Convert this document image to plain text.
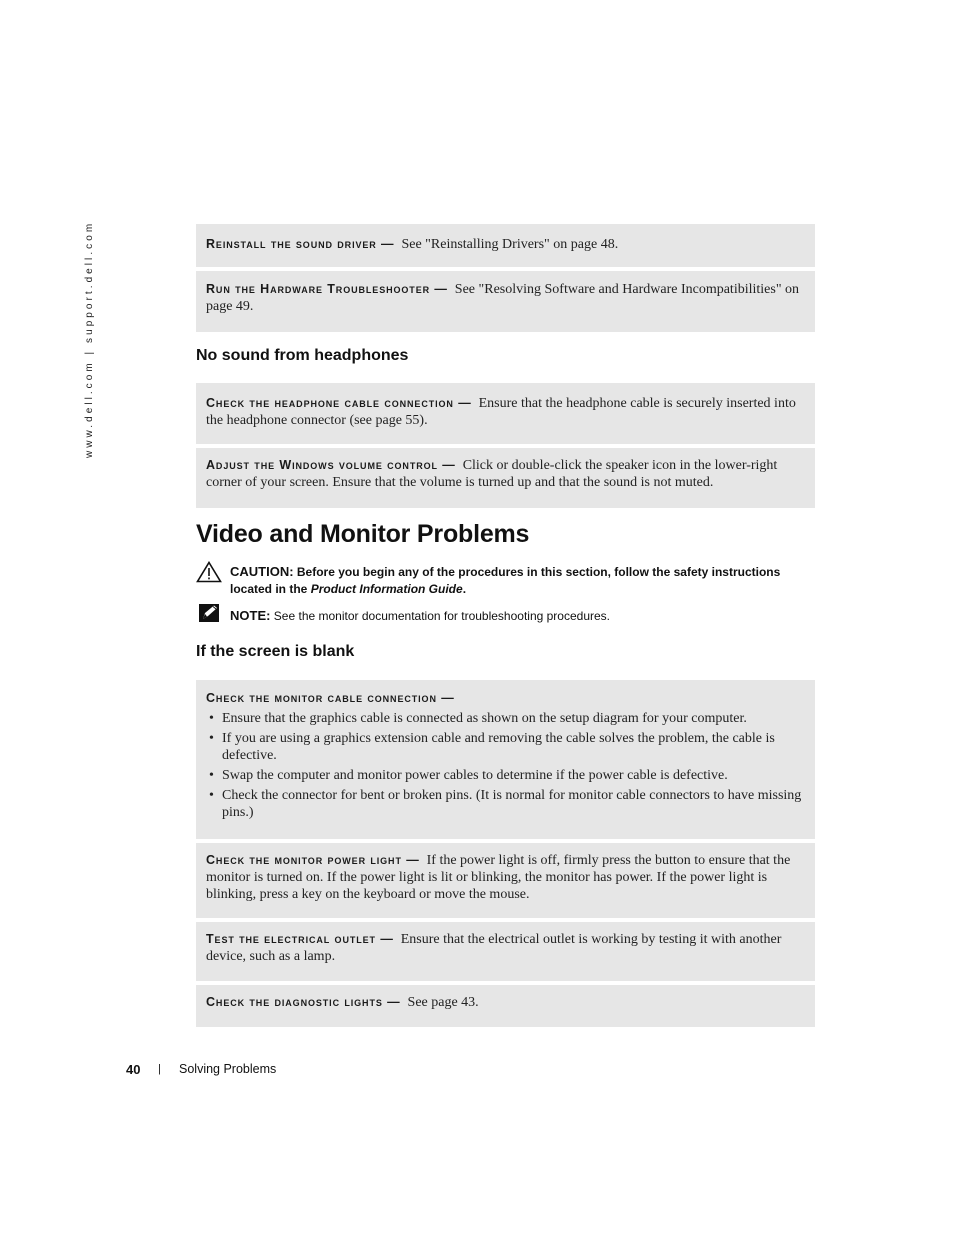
www.dell.com | support.dell.com	Reinstall the sound driver — See "Reinstalling Drivers" on page 48.

Run the Hardware Troubleshooter — See "Resolving Software and Hardware Incompatibilities" on page 49.

No sound from headphones

Check the headphone cable connection — Ensure that the headphone cable is securely inserted into the headphone connector (see page 55).

Adjust the Windows volume control — Click or double-click the speaker icon in the lower-right corner of your screen. Ensure that the volume is turned up and that the sound is not muted.

Video and Monitor Problems
CAUTION: Before you begin any of the procedures in this section, follow the safety instructions located in the Product Information Guide.
NOTE: See the monitor documentation for troubleshooting procedures.
If the screen is blank

Check the monitor cable connection —

• Ensure that the graphics cable is connected as shown on the setup diagram for your computer.
• If you are using a graphics extension cable and removing the cable solves the problem, the cable is defective.
• Swap the computer and monitor power cables to determine if the power cable is defective.
• Check the connector for bent or broken pins. (It is normal for monitor cable connectors to have missing pins.)

Check the monitor power light — If the power light is off, firmly press the button to ensure that the monitor is turned on. If the power light is lit or blinking, the monitor has power. If the power light is blinking, press a key on the keyboard or move the mouse.

Test the electrical outlet — Ensure that the electrical outlet is working by testing it with another device, such as a lamp.

Check the diagnostic lights — See page 43.

40 | Solving Problems
